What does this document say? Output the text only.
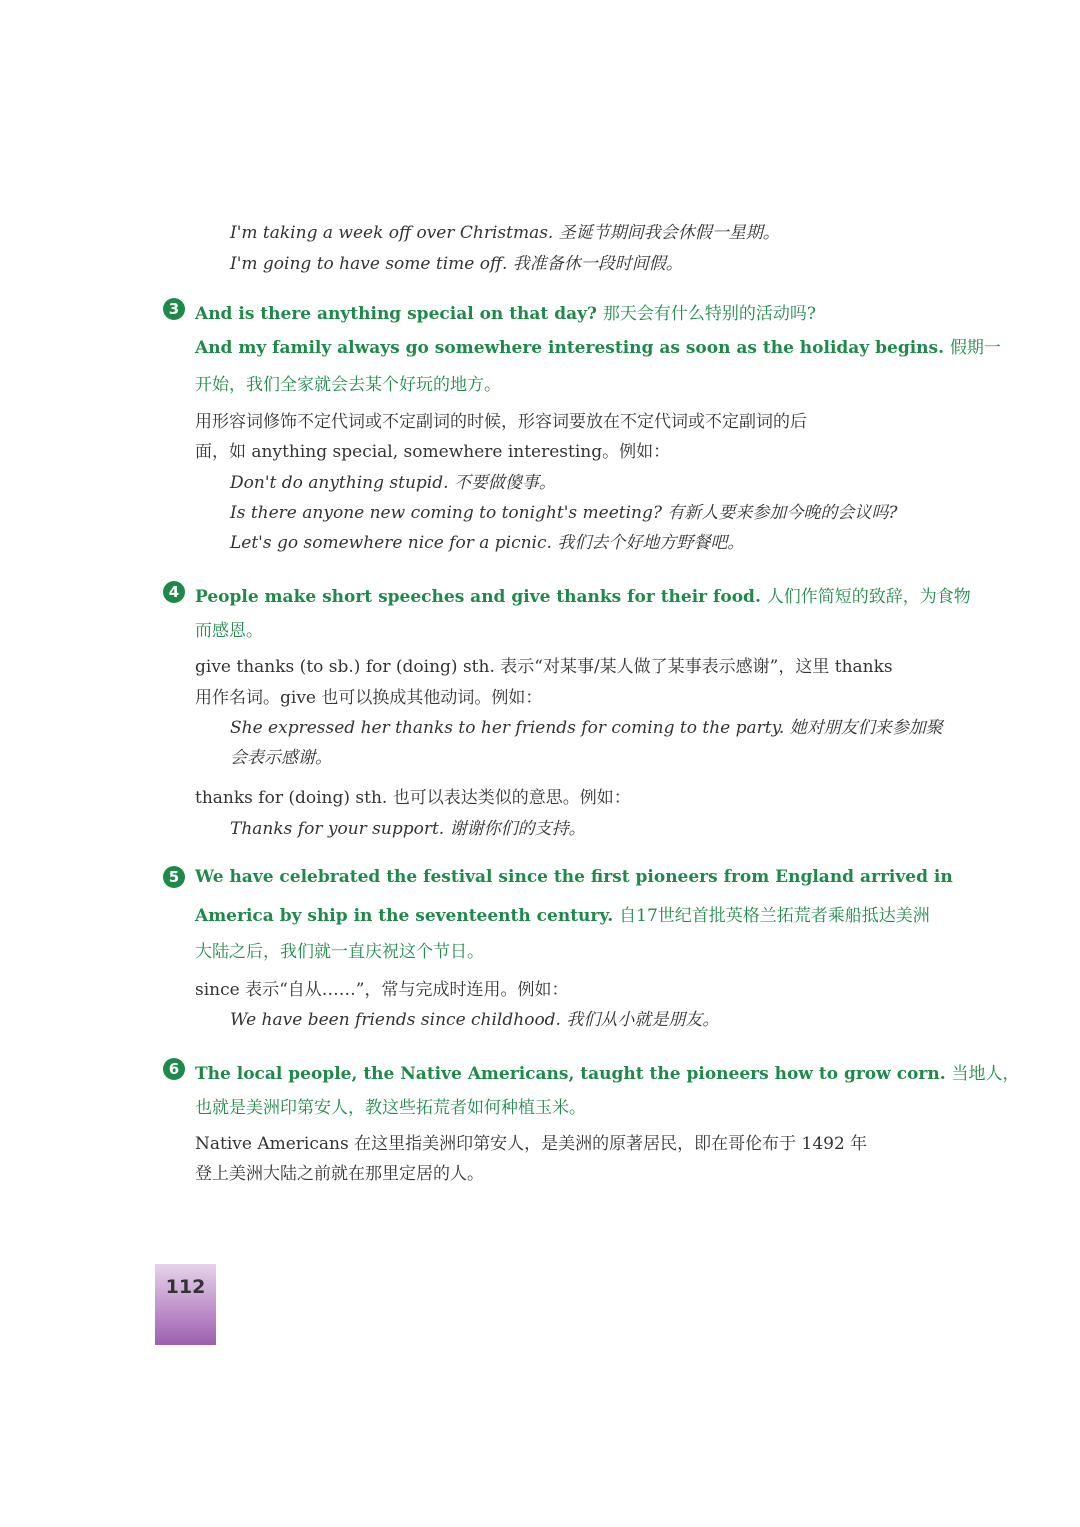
I'm taking a week off over Christmas. 圣诞节期间我会休假一星期。
I'm going to have some time off. 我准备休一段时间假。
3 And is there anything special on that day? 那天会有什么特别的活动吗?
And my family always go somewhere interesting as soon as the holiday begins. 假期一
开始，我们全家就会去某个好玩的地方。
用形容词修饰不定代词或不定副词的时候，形容词要放在不定代词或不定副词的后
面，如 anything special, somewhere interesting。例如：
Don't do anything stupid. 不要做傻事。
Is there anyone new coming to tonight's meeting? 有新人要来参加今晚的会议吗?
Let's go somewhere nice for a picnic. 我们去个好地方野餐吧。
4 People make short speeches and give thanks for their food. 人们作简短的致辞，为食物
而感恩。
give thanks (to sb.) for (doing) sth. 表示“对某事/某人做了某事表示感谢”，这里 thanks
用作名词。give 也可以换成其他动词。例如：
She expressed her thanks to her friends for coming to the party. 她对朋友们来参加聚
会表示感谢。
thanks for (doing) sth. 也可以表达类似的意思。例如：
Thanks for your support. 谢谢你们的支持。
5 We have celebrated the festival since the first pioneers from England arrived in
America by ship in the seventeenth century. 自17世纪首批英格兰拓荒者乘船抵达美洲
大陆之后，我们就一直庆祝这个节日。
since 表示“自从……”，常与完成时连用。例如：
We have been friends since childhood. 我们从小就是朋友。
6 The local people, the Native Americans, taught the pioneers how to grow corn. 当地人，
也就是美洲印第安人，教这些拓荒者如何种植玉米。
Native Americans 在这里指美洲印第安人，是美洲的原著居民，即在哥伦布于 1492 年
登上美洲大陆之前就在那里定居的人。
112
